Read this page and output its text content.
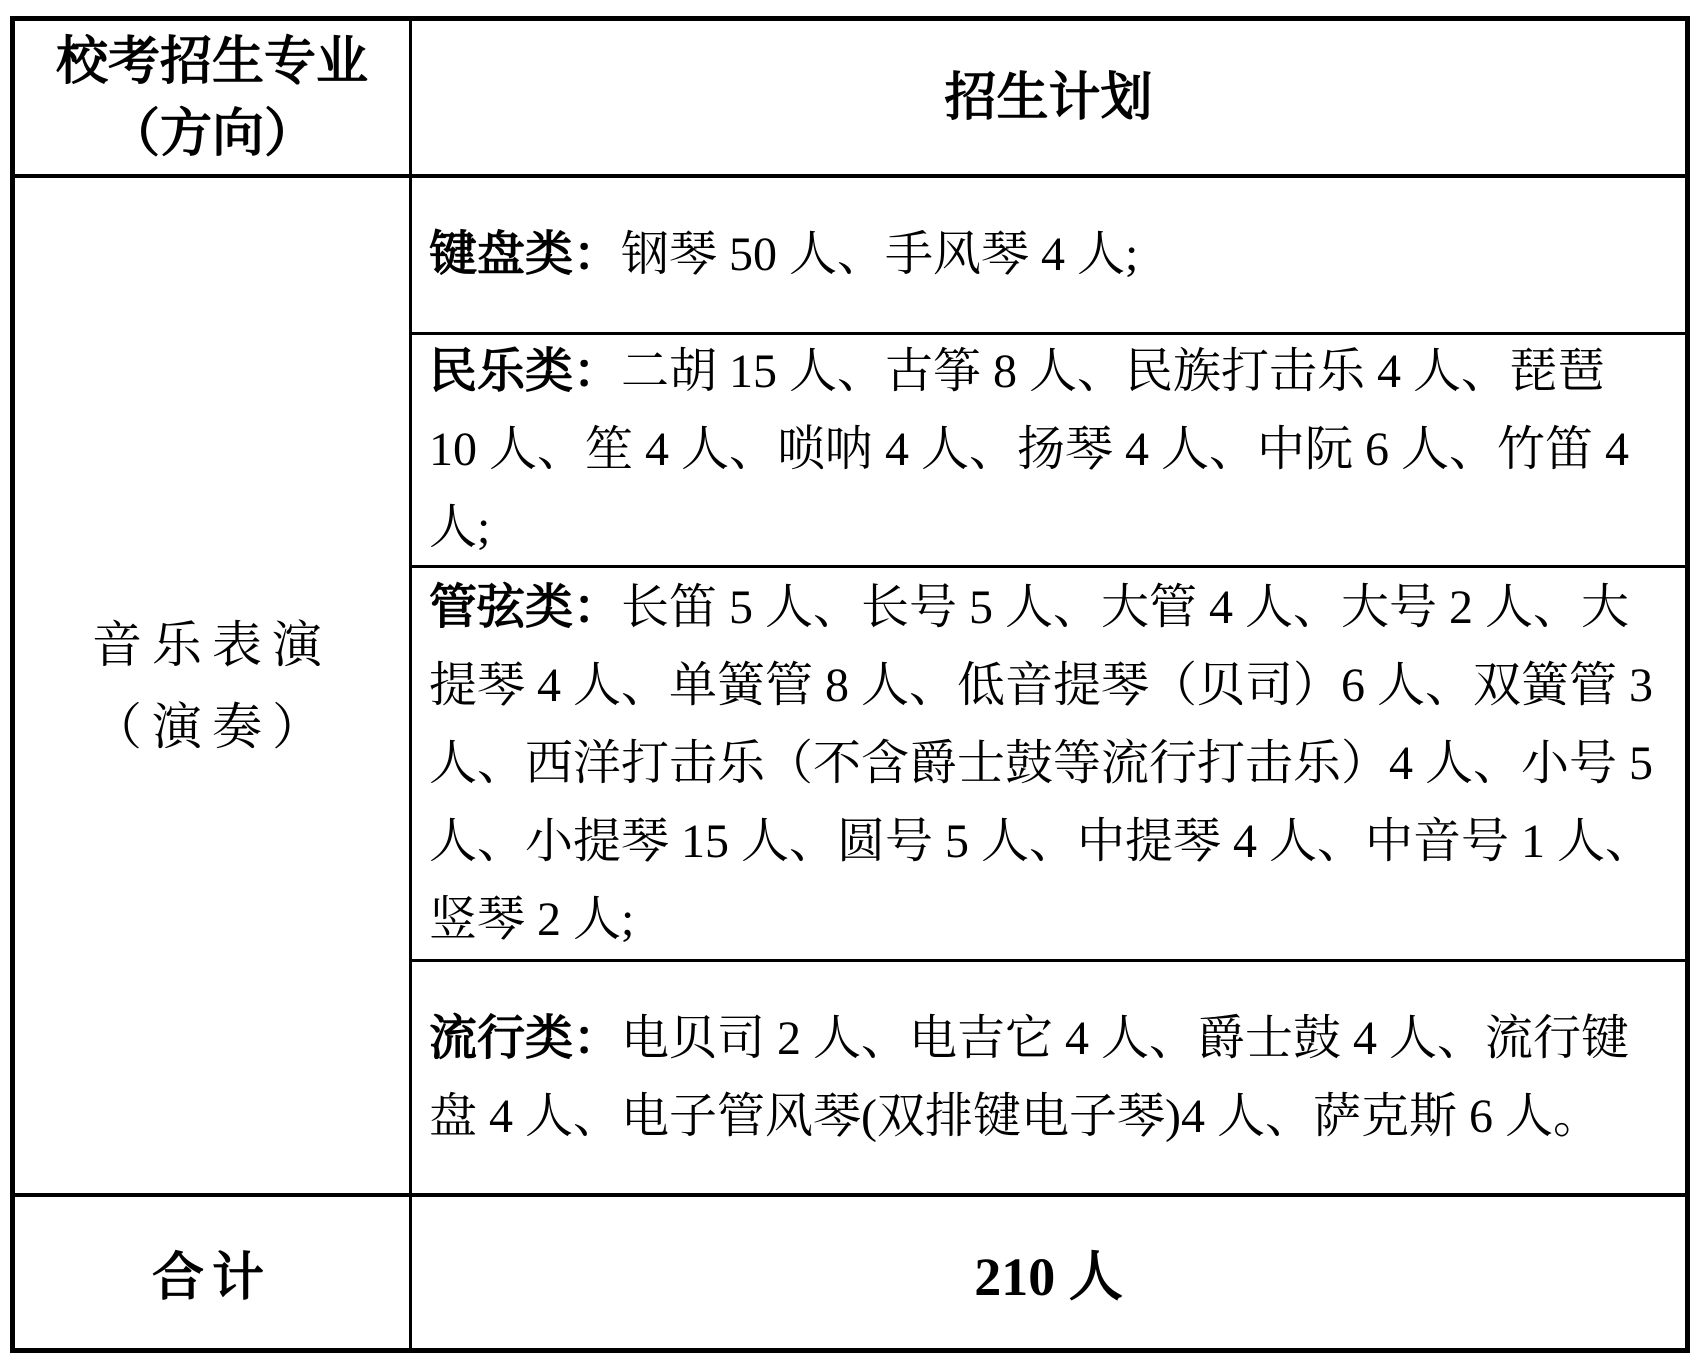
校考招生专业
（方向）
招生计划
音乐表演
（演奏）
键盘类：钢琴 50 人、手风琴 4 人;
民乐类：二胡 15 人、古筝 8 人、民族打击乐 4 人、琵琶 10 人、笙 4 人、唢呐 4 人、扬琴 4 人、中阮 6 人、竹笛 4 人;
管弦类：长笛 5 人、长号 5 人、大管 4 人、大号 2 人、大提琴 4 人、单簧管 8 人、低音提琴（贝司）6 人、双簧管 3 人、西洋打击乐（不含爵士鼓等流行打击乐）4 人、小号 5 人、小提琴 15 人、圆号 5 人、中提琴 4 人、中音号 1 人、竖琴 2 人;
流行类：电贝司 2 人、电吉它 4 人、爵士鼓 4 人、流行键盘 4 人、电子管风琴(双排键电子琴)4 人、萨克斯 6 人。
合计	210 人
